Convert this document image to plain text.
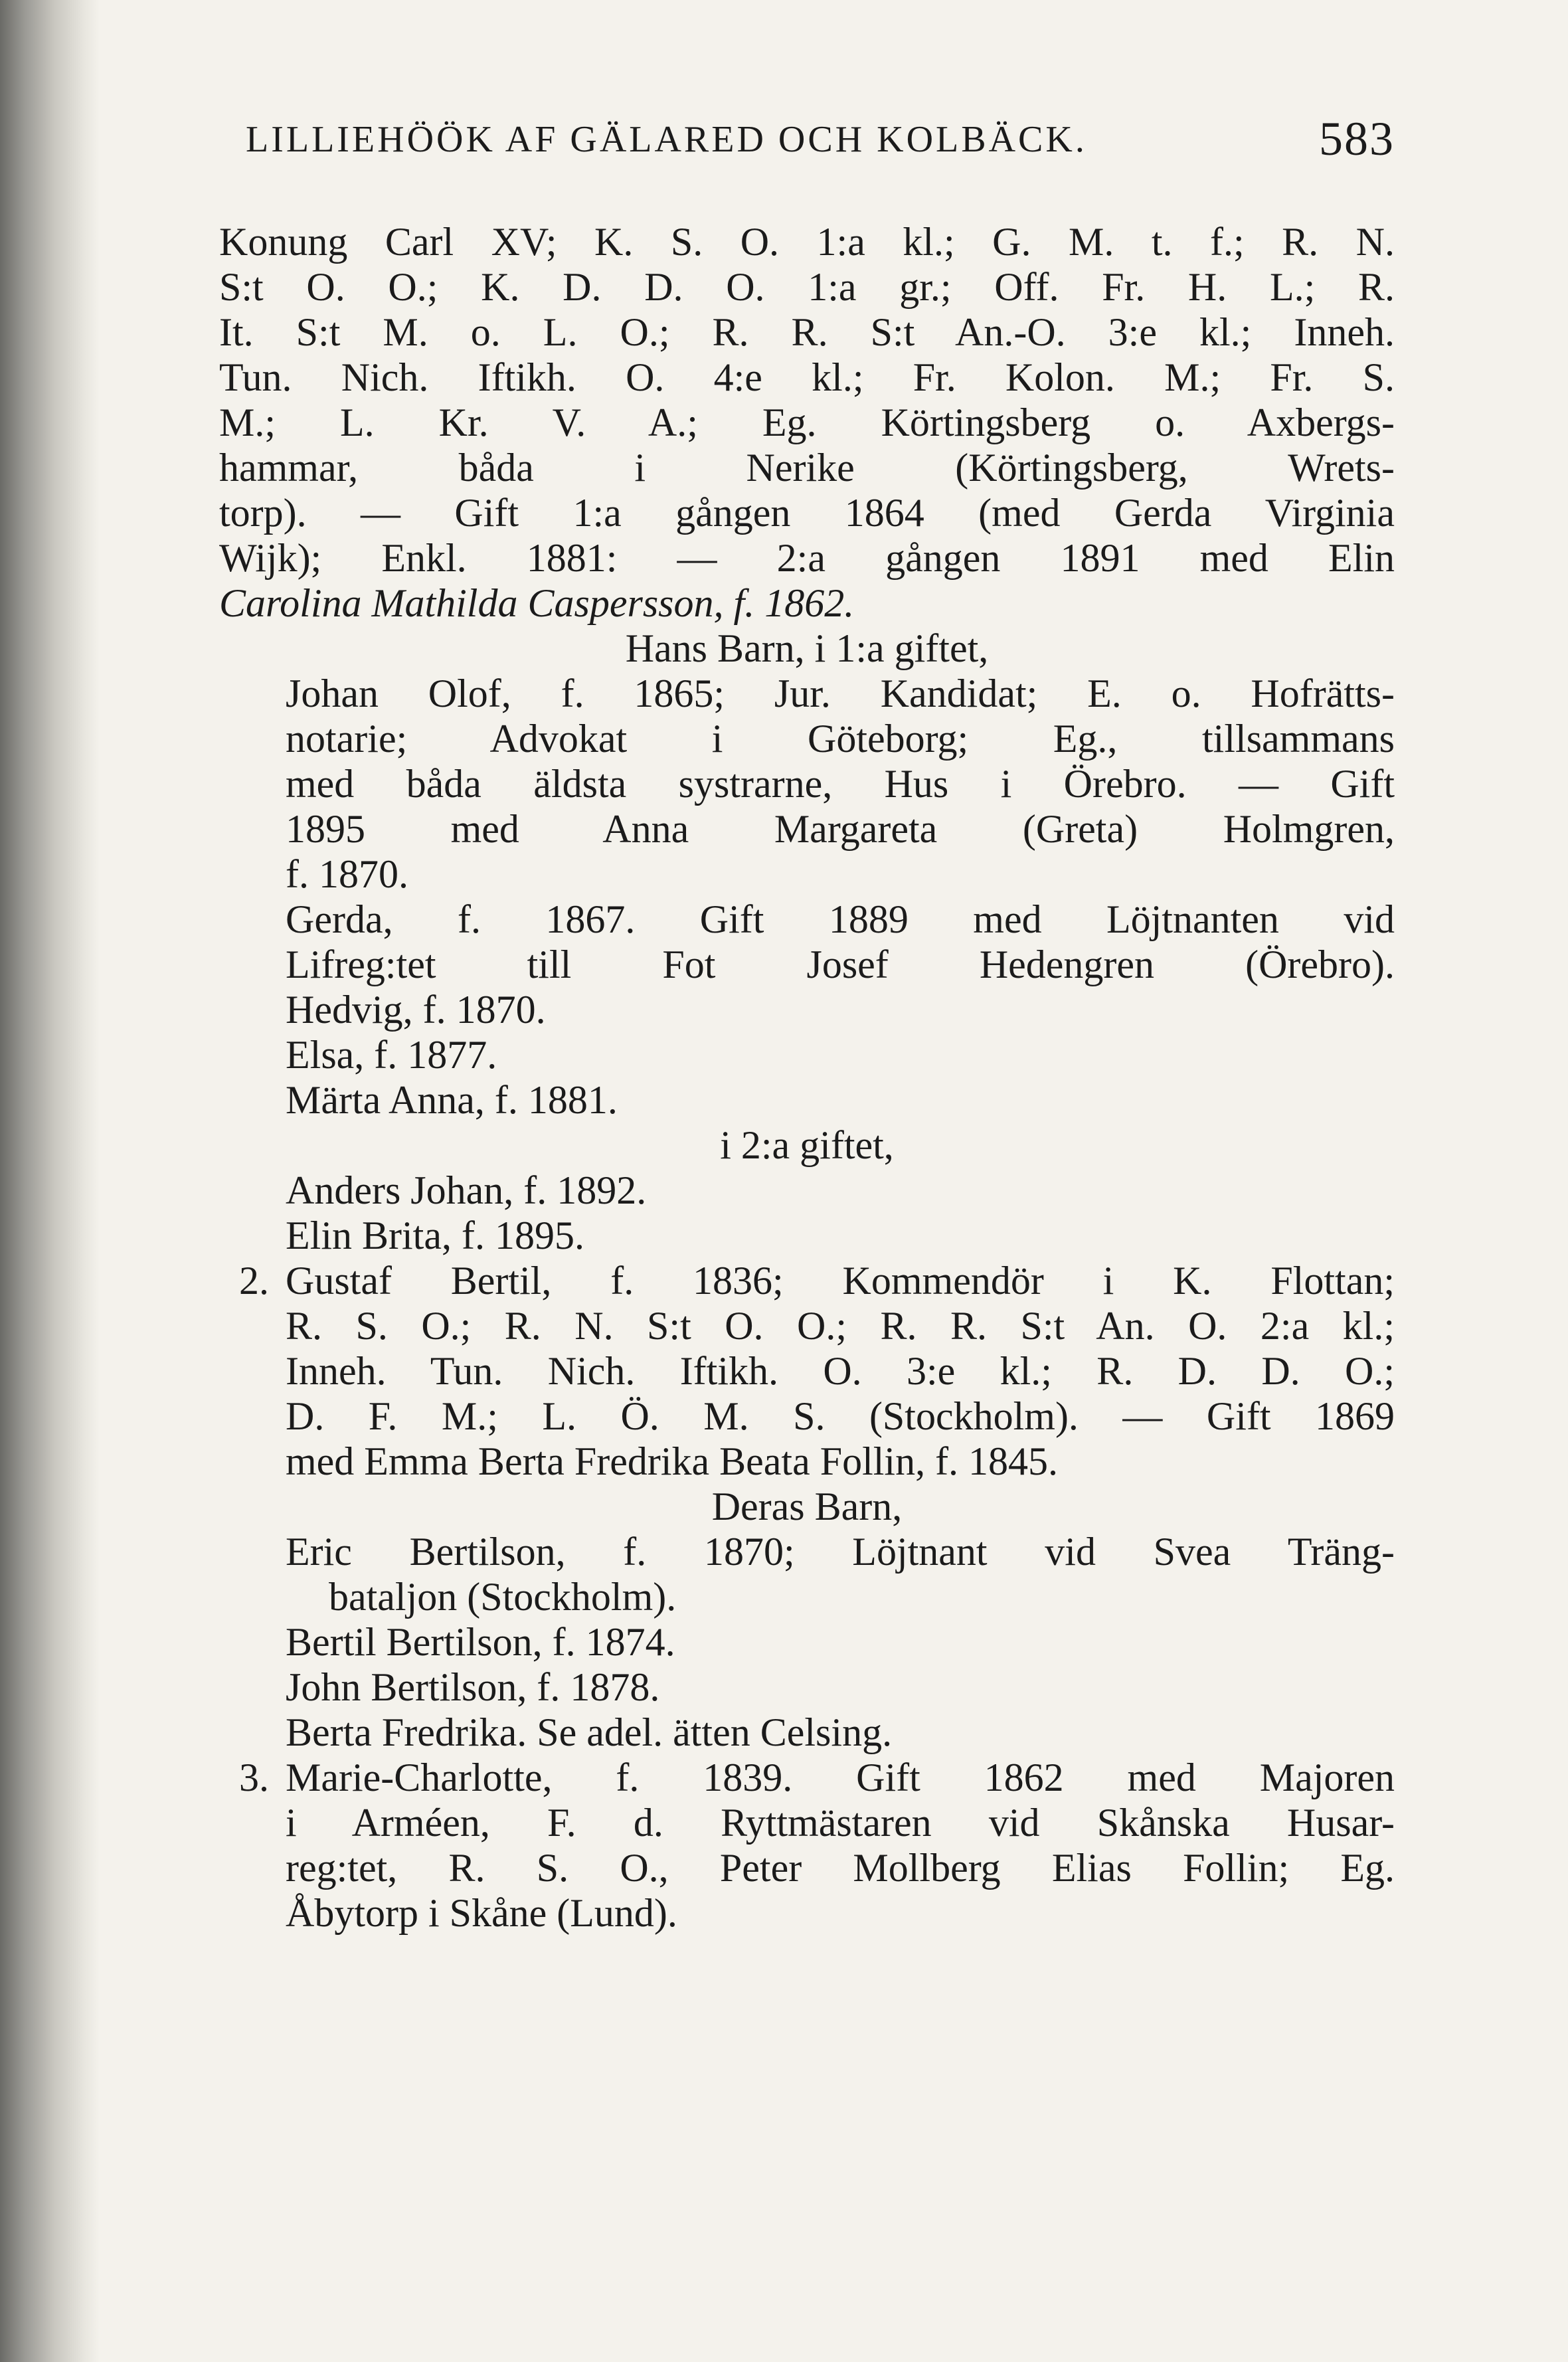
LILLIEHÖÖK AF GÄLARED OCH KOLBÄCK.	583
Konung Carl XV; K. S. O. 1:a kl.; G. M. t. f.; R. N.
S:t O. O.; K. D. D. O. 1:a gr.; Off. Fr. H. L.; R.
It. S:t M. o. L. O.; R. R. S:t An.-O. 3:e kl.; Inneh.
Tun. Nich. Iftikh. O. 4:e kl.; Fr. Kolon. M.; Fr. S.
M.; L. Kr. V. A.; Eg. Körtingsberg o. Axbergs-
hammar, båda i Nerike (Körtingsberg, Wrets-
torp). — Gift 1:a gången 1864 (med Gerda Virginia
Wijk); Enkl. 1881: — 2:a gången 1891 med Elin
Carolina Mathilda Caspersson, f. 1862.
Hans Barn, i 1:a giftet,
Johan Olof, f. 1865; Jur. Kandidat; E. o. Hofrätts-
notarie; Advokat i Göteborg; Eg., tillsammans
med båda äldsta systrarne, Hus i Örebro. — Gift
1895 med Anna Margareta (Greta) Holmgren,
f. 1870.
Gerda, f. 1867. Gift 1889 med Löjtnanten vid
Lifreg:tet till Fot Josef Hedengren (Örebro).
Hedvig, f. 1870.
Elsa, f. 1877.
Märta Anna, f. 1881.
i 2:a giftet,
Anders Johan, f. 1892.
Elin Brita, f. 1895.
2. Gustaf Bertil, f. 1836; Kommendör i K. Flottan;
R. S. O.; R. N. S:t O. O.; R. R. S:t An. O. 2:a kl.;
Inneh. Tun. Nich. Iftikh. O. 3:e kl.; R. D. D. O.;
D. F. M.; L. Ö. M. S. (Stockholm). — Gift 1869
med Emma Berta Fredrika Beata Follin, f. 1845.
Deras Barn,
Eric Bertilson, f. 1870; Löjtnant vid Svea Träng-
bataljon (Stockholm).
Bertil Bertilson, f. 1874.
John Bertilson, f. 1878.
Berta Fredrika. Se adel. ätten Celsing.
3. Marie-Charlotte, f. 1839. Gift 1862 med Majoren
i Arméen, F. d. Ryttmästaren vid Skånska Husar-
reg:tet, R. S. O., Peter Mollberg Elias Follin; Eg.
Åbytorp i Skåne (Lund).
